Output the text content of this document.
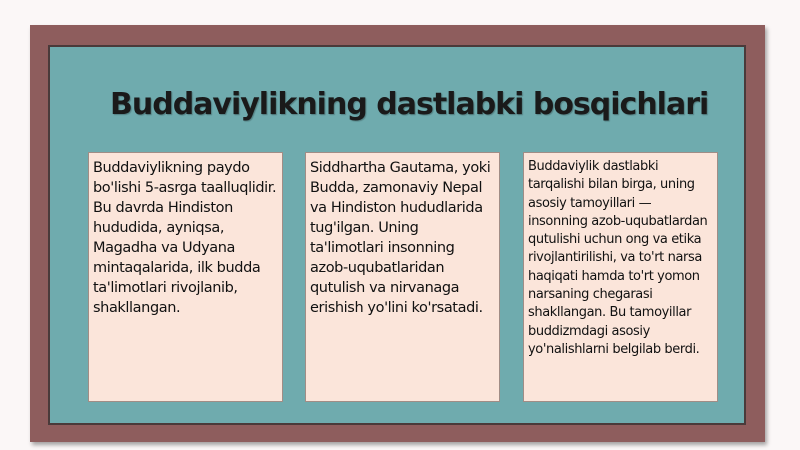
Buddaviylikning dastlabki bosqichlari

Buddaviylikning paydo bo'lishi 5-asrga taalluqlidir. Bu davrda Hindiston hududida, ayniqsa, Magadha va Udyana mintaqalarida, ilk budda ta'limotlari rivojlanib, shakllangan.

Siddhartha Gautama, yoki Budda, zamonaviy Nepal va Hindiston hududlarida tug'ilgan. Uning ta'limotlari insonning azob-uqubatlaridan qutulish va nirvanaga erishish yo'lini ko'rsatadi.

Buddaviylik dastlabki tarqalishi bilan birga, uning asosiy tamoyillari — insonning azob-uqubatlardan qutulishi uchun ong va etika rivojlantirilishi, va to'rt narsa haqiqati hamda to'rt yomon narsaning chegarasi shakllangan. Bu tamoyillar buddizmdagi asosiy yo'nalishlarni belgilab berdi.
